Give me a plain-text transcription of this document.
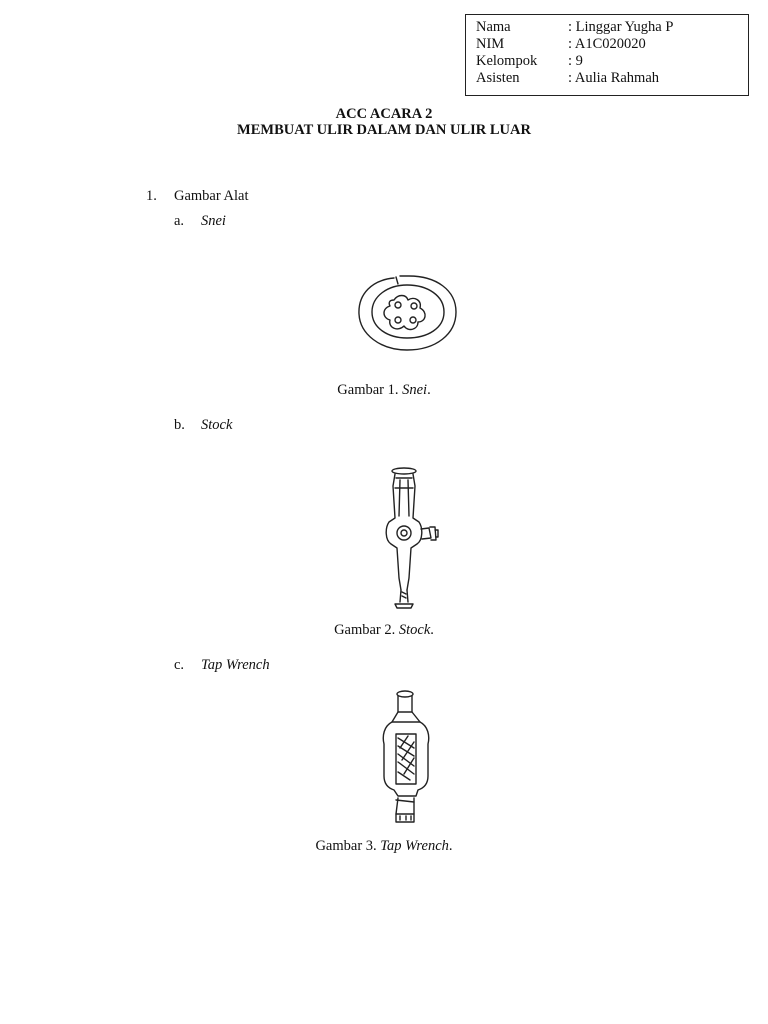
Nama	: Linggar Yugha P
NIM	: A1C020020
Kelompok	: 9
Asisten	: Aulia Rahmah
ACC ACARA 2
MEMBUAT ULIR DALAM DAN ULIR LUAR
1. Gambar Alat
a. Snei
Gambar 1. Snei.
b. Stock
Gambar 2. Stock.
c. Tap Wrench
Gambar 3. Tap Wrench.
